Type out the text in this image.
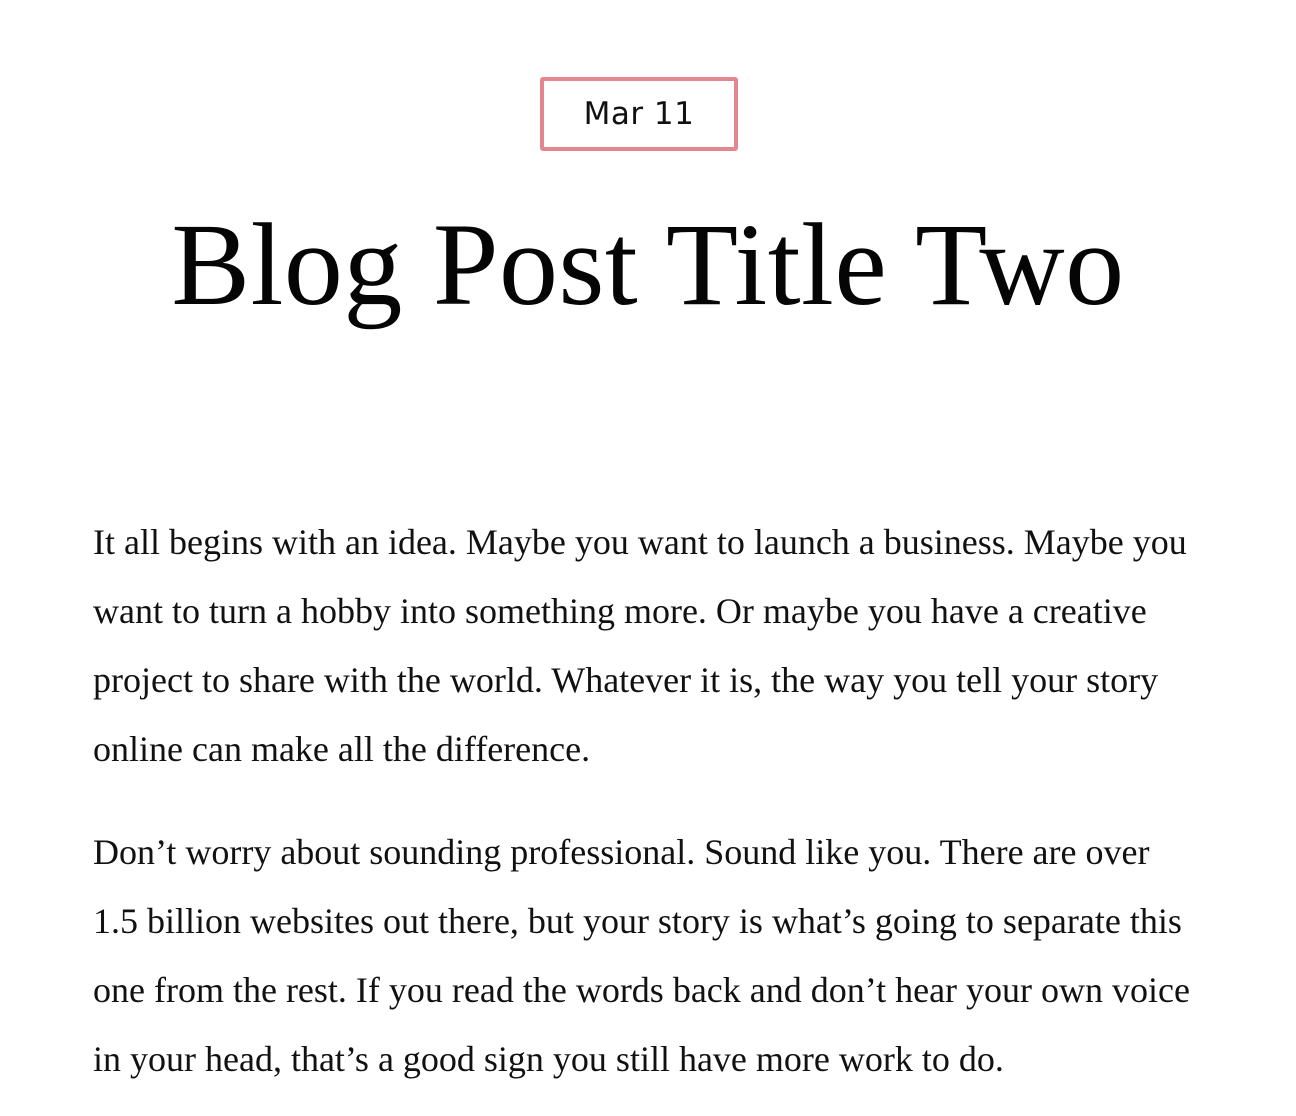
Mar 11
Blog Post Title Two

It all begins with an idea. Maybe you want to launch a business. Maybe you want to turn a hobby into something more. Or maybe you have a creative project to share with the world. Whatever it is, the way you tell your story online can make all the difference.

Don’t worry about sounding professional. Sound like you. There are over 1.5 billion websites out there, but your story is what’s going to separate this one from the rest. If you read the words back and don’t hear your own voice in your head, that’s a good sign you still have more work to do.
